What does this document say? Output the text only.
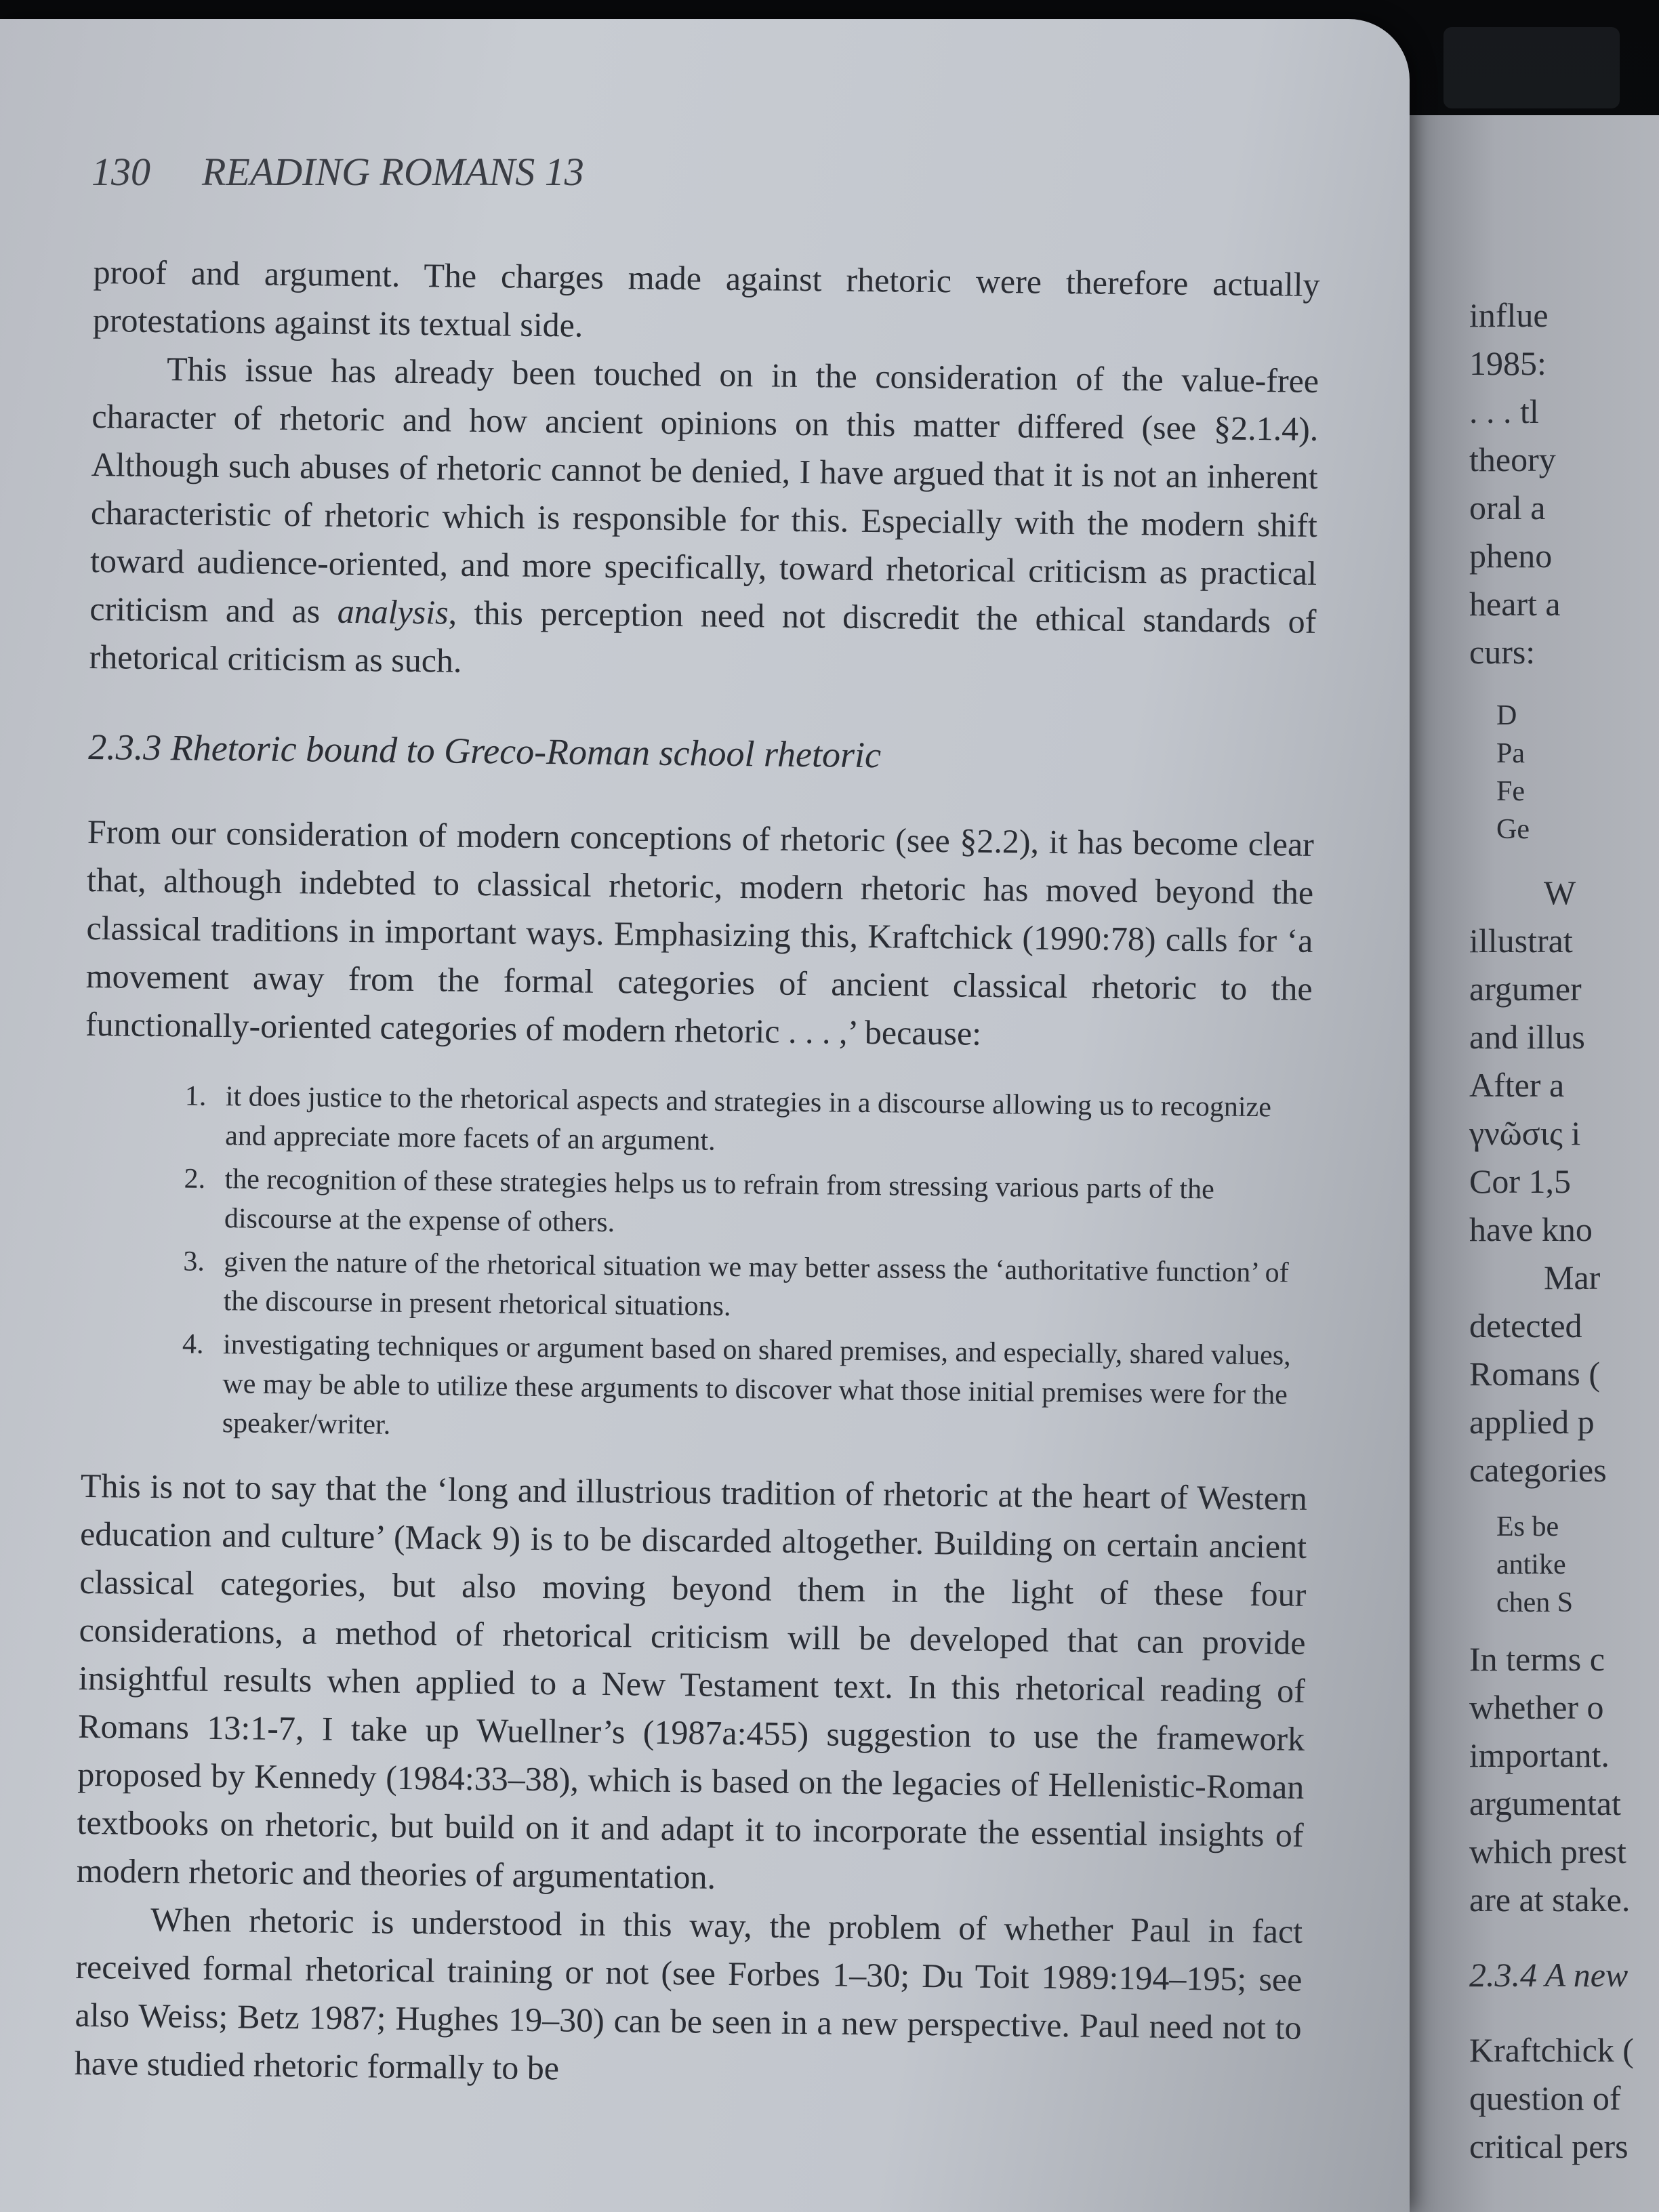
130 READING ROMANS 13

proof and argument. The charges made against rhetoric were therefore actually protestations against its textual side.

This issue has already been touched on in the consideration of the value-free character of rhetoric and how ancient opinions on this matter differed (see §2.1.4). Although such abuses of rhetoric cannot be denied, I have argued that it is not an inherent characteristic of rhetoric which is responsible for this. Especially with the modern shift toward audience-oriented, and more specifically, toward rhetorical criticism as practical criticism and as analysis, this perception need not discredit the ethical standards of rhetorical criticism as such.

2.3.3 Rhetoric bound to Greco-Roman school rhetoric

From our consideration of modern conceptions of rhetoric (see §2.2), it has become clear that, although indebted to classical rhetoric, modern rhetoric has moved beyond the classical traditions in important ways. Emphasizing this, Kraftchick (1990:78) calls for ‘a movement away from the formal categories of ancient classical rhetoric to the functionally-oriented categories of modern rhetoric . . . ,’ because:

1. it does justice to the rhetorical aspects and strategies in a discourse allowing us to recognize and appreciate more facets of an argument.
2. the recognition of these strategies helps us to refrain from stressing various parts of the discourse at the expense of others.
3. given the nature of the rhetorical situation we may better assess the ‘authoritative function’ of the discourse in present rhetorical situations.
4. investigating techniques or argument based on shared premises, and especially, shared values, we may be able to utilize these arguments to discover what those initial premises were for the speaker/writer.

This is not to say that the ‘long and illustrious tradition of rhetoric at the heart of Western education and culture’ (Mack 9) is to be discarded altogether. Building on certain ancient classical categories, but also moving beyond them in the light of these four considerations, a method of rhetorical criticism will be developed that can provide insightful results when applied to a New Testament text. In this rhetorical reading of Romans 13:1-7, I take up Wuellner’s (1987a:455) suggestion to use the framework proposed by Kennedy (1984:33–38), which is based on the legacies of Hellenistic-Roman textbooks on rhetoric, but build on it and adapt it to incorporate the essential insights of modern rhetoric and theories of argumentation.

When rhetoric is understood in this way, the problem of whether Paul in fact received formal rhetorical training or not (see Forbes 1–30; Du Toit 1989:194–195; see also Weiss; Betz 1987; Hughes 19–30) can be seen in a new perspective. Paul need not to have studied rhetoric formally to be

influe
1985:
. . . tl
theory
oral a
pheno
heart a
curs:
D
Pa
Fe
Ge
W
illustrat
argumer
and illus
After a
γνῶσις i
Cor 1,5
have kno
Mar
detected
Romans (
applied p
categories
Es be
antike
chen S
In terms c
whether o
important.
argumentat
which prest
are at stake.
2.3.4 A new
Kraftchick (
question of
critical pers
